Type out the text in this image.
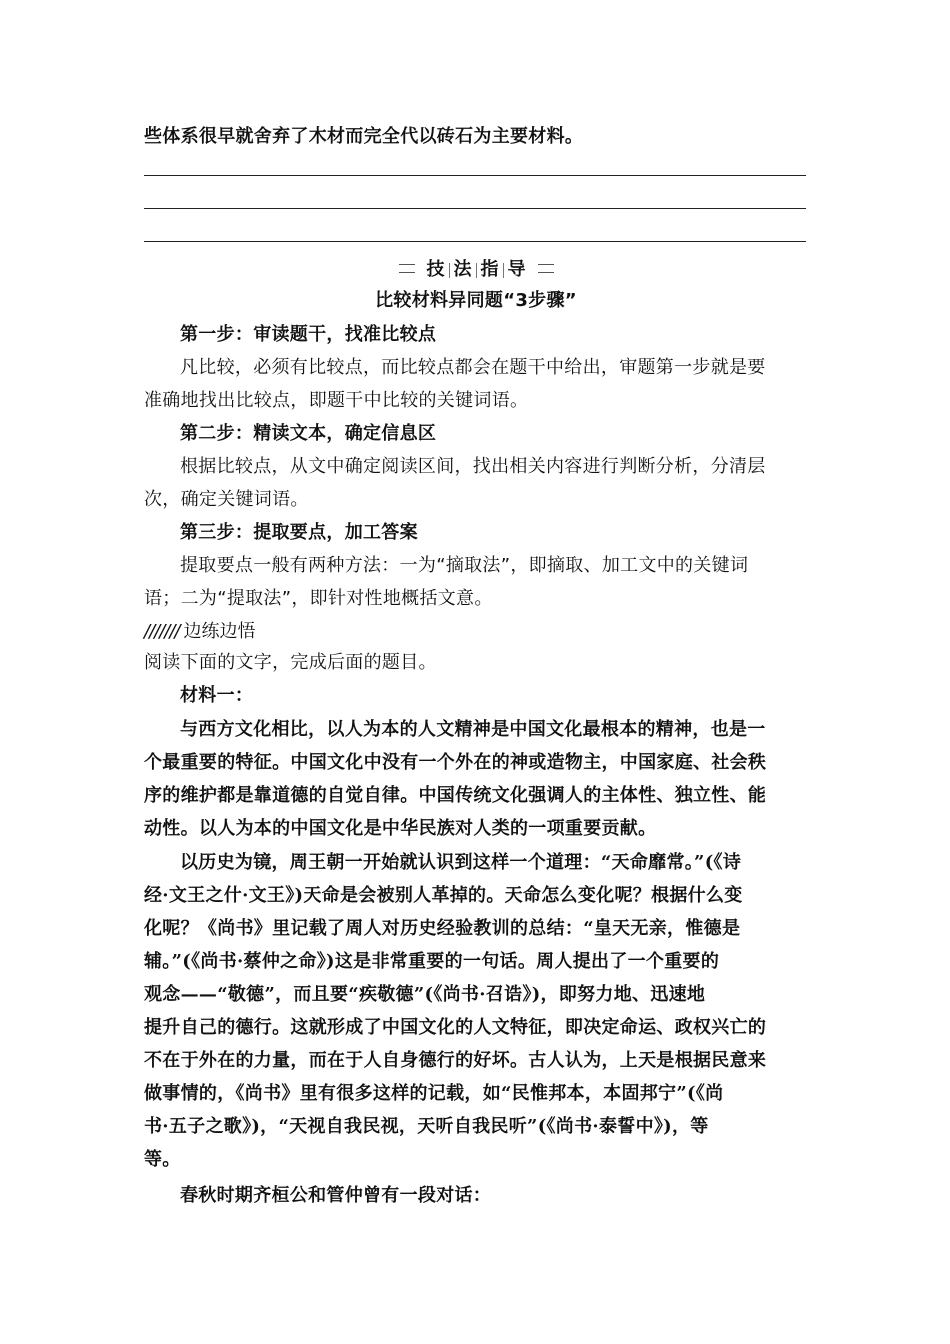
些体系很早就舍弃了木材而完全代以砖石为主要材料。
技 法 指 导
比较材料异同题“3步骤”
第一步：审读题干，找准比较点
凡比较，必须有比较点，而比较点都会在题干中给出，审题第一步就是要
准确地找出比较点，即题干中比较的关键词语。
第二步：精读文本，确定信息区
根据比较点，从文中确定阅读区间，找出相关内容进行判断分析，分清层
次，确定关键词语。
第三步：提取要点，加工答案
提取要点一般有两种方法：一为“摘取法”，即摘取、加工文中的关键词
语；二为“提取法”，即针对性地概括文意。
/////// 边练边悟
阅读下面的文字，完成后面的题目。
材料一：
与西方文化相比，以人为本的人文精神是中国文化最根本的精神，也是一
个最重要的特征。中国文化中没有一个外在的神或造物主，中国家庭、社会秩
序的维护都是靠道德的自觉自律。中国传统文化强调人的主体性、独立性、能
动性。以人为本的中国文化是中华民族对人类的一项重要贡献。
以历史为镜，周王朝一开始就认识到这样一个道理：“天命靡常。”(《诗
经·文王之什·文王》)天命是会被别人革掉的。天命怎么变化呢？根据什么变
化呢？《尚书》里记载了周人对历史经验教训的总结：“皇天无亲，惟德是
辅。”(《尚书·蔡仲之命》)这是非常重要的一句话。周人提出了一个重要的
观念——“敬德”，而且要“疾敬德”(《尚书·召诰》)，即努力地、迅速地
提升自己的德行。这就形成了中国文化的人文特征，即决定命运、政权兴亡的
不在于外在的力量，而在于人自身德行的好坏。古人认为，上天是根据民意来
做事情的，《尚书》里有很多这样的记载，如“民惟邦本，本固邦宁”(《尚
书·五子之歌》)，“天视自我民视，天听自我民听”(《尚书·泰誓中》)，等
等。
春秋时期齐桓公和管仲曾有一段对话：
